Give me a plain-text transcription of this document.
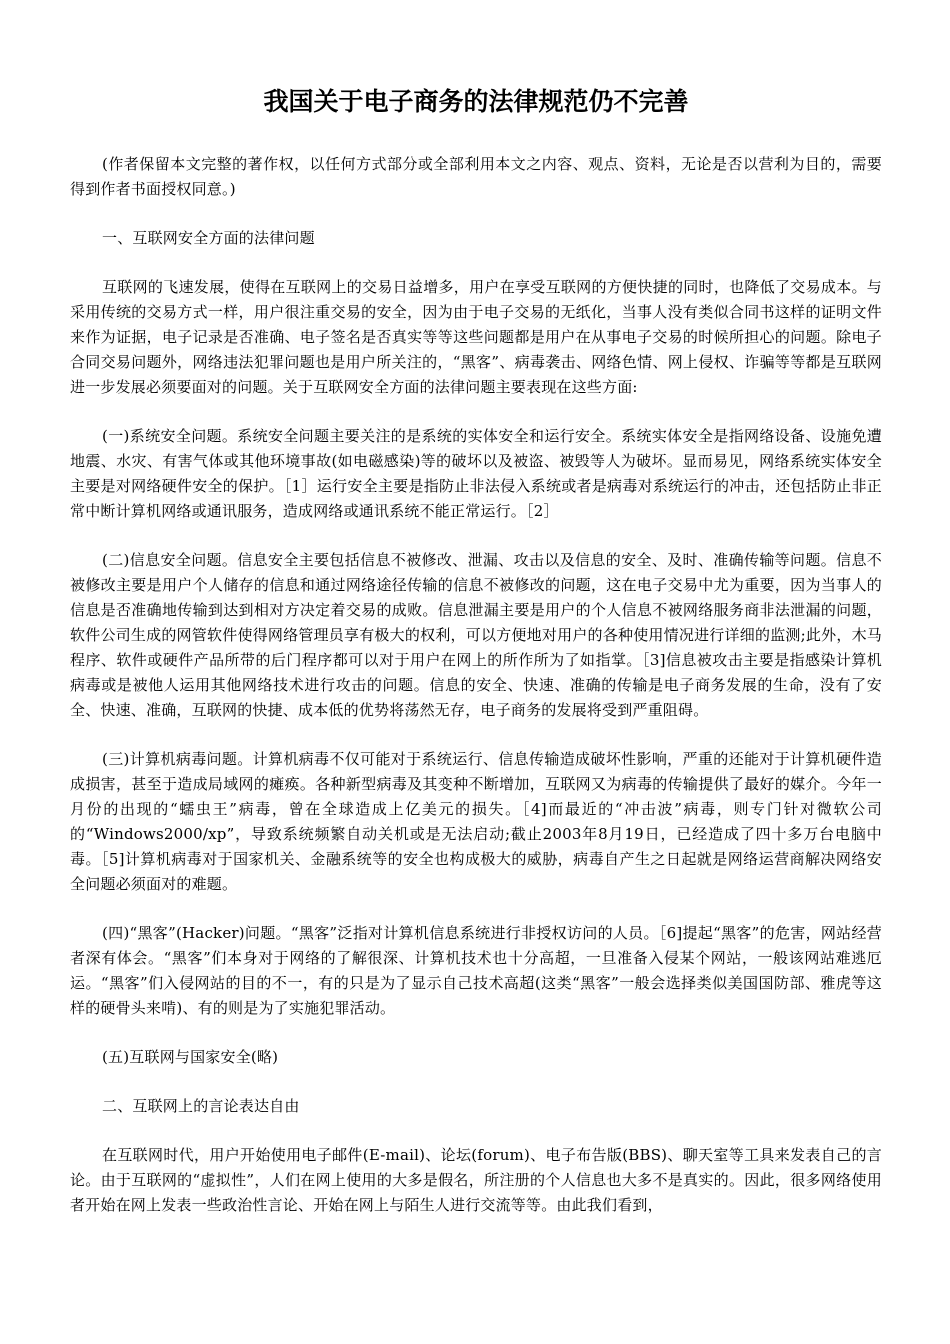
我国关于电子商务的法律规范仍不完善

(作者保留本文完整的著作权，以任何方式部分或全部利用本文之内容、观点、资料，无论是否以营利为目的，需要得到作者书面授权同意。)

一、互联网安全方面的法律问题

互联网的飞速发展，使得在互联网上的交易日益增多，用户在享受互联网的方便快捷的同时，也降低了交易成本。与采用传统的交易方式一样，用户很注重交易的安全，因为由于电子交易的无纸化，当事人没有类似合同书这样的证明文件来作为证据，电子记录是否准确、电子签名是否真实等等这些问题都是用户在从事电子交易的时候所担心的问题。除电子合同交易问题外，网络违法犯罪问题也是用户所关注的，“黑客”、病毒袭击、网络色情、网上侵权、诈骗等等都是互联网进一步发展必须要面对的问题。关于互联网安全方面的法律问题主要表现在这些方面:

(一)系统安全问题。系统安全问题主要关注的是系统的实体安全和运行安全。系统实体安全是指网络设备、设施免遭地震、水灾、有害气体或其他环境事故(如电磁感染)等的破坏以及被盗、被毁等人为破坏。显而易见，网络系统实体安全主要是对网络硬件安全的保护。［1］运行安全主要是指防止非法侵入系统或者是病毒对系统运行的冲击，还包括防止非正常中断计算机网络或通讯服务，造成网络或通讯系统不能正常运行。［2］

(二)信息安全问题。信息安全主要包括信息不被修改、泄漏、攻击以及信息的安全、及时、准确传输等问题。信息不被修改主要是用户个人储存的信息和通过网络途径传输的信息不被修改的问题，这在电子交易中尤为重要，因为当事人的信息是否准确地传输到达到相对方决定着交易的成败。信息泄漏主要是用户的个人信息不被网络服务商非法泄漏的问题，软件公司生成的网管软件使得网络管理员享有极大的权利，可以方便地对用户的各种使用情况进行详细的监测;此外，木马程序、软件或硬件产品所带的后门程序都可以对于用户在网上的所作所为了如指掌。［3]信息被攻击主要是指感染计算机病毒或是被他人运用其他网络技术进行攻击的问题。信息的安全、快速、准确的传输是电子商务发展的生命，没有了安全、快速、准确，互联网的快捷、成本低的优势将荡然无存，电子商务的发展将受到严重阻碍。

(三)计算机病毒问题。计算机病毒不仅可能对于系统运行、信息传输造成破坏性影响，严重的还能对于计算机硬件造成损害，甚至于造成局域网的瘫痪。各种新型病毒及其变种不断增加，互联网又为病毒的传输提供了最好的媒介。今年一月份的出现的“蠕虫王”病毒，曾在全球造成上亿美元的损失。［4]而最近的“冲击波”病毒，则专门针对微软公司的“Windows2000/xp”，导致系统频繁自动关机或是无法启动;截止2003年8月19日，已经造成了四十多万台电脑中毒。［5]计算机病毒对于国家机关、金融系统等的安全也构成极大的威胁，病毒自产生之日起就是网络运营商解决网络安全问题必须面对的难题。

(四)“黑客”(Hacker)问题。“黑客”泛指对计算机信息系统进行非授权访问的人员。［6]提起“黑客”的危害，网站经营者深有体会。“黑客”们本身对于网络的了解很深、计算机技术也十分高超，一旦准备入侵某个网站，一般该网站难逃厄运。“黑客”们入侵网站的目的不一，有的只是为了显示自己技术高超(这类“黑客”一般会选择类似美国国防部、雅虎等这样的硬骨头来啃)、有的则是为了实施犯罪活动。

(五)互联网与国家安全(略)

二、互联网上的言论表达自由

在互联网时代，用户开始使用电子邮件(E-mail)、论坛(forum)、电子布告版(BBS)、聊天室等工具来发表自己的言论。由于互联网的“虚拟性”，人们在网上使用的大多是假名，所注册的个人信息也大多不是真实的。因此，很多网络使用者开始在网上发表一些政治性言论、开始在网上与陌生人进行交流等等。由此我们看到，
